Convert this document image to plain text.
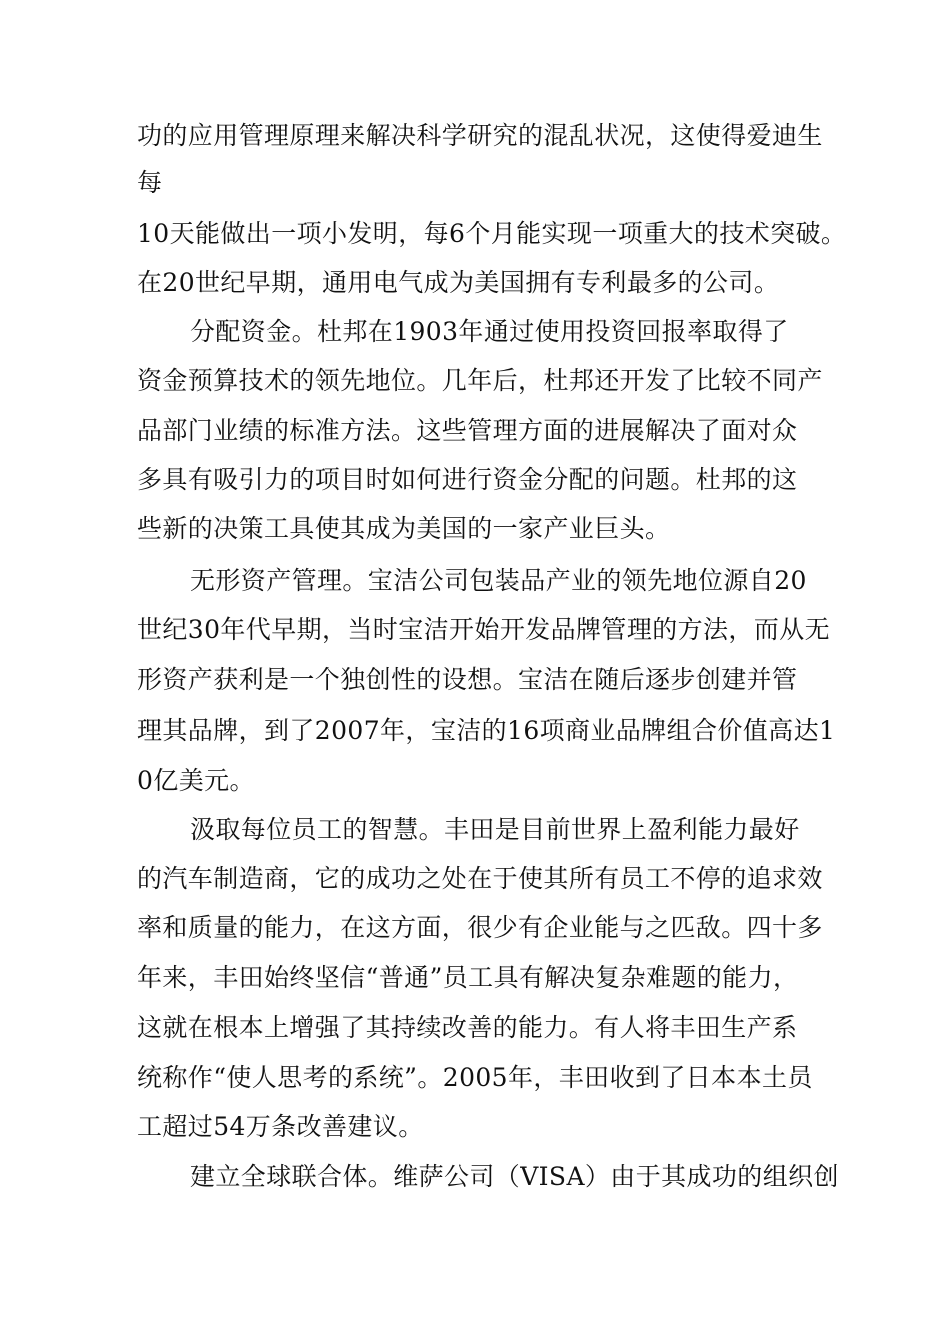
功的应用管理原理来解决科学研究的混乱状况，这使得爱迪生
每
10天能做出一项小发明，每6个月能实现一项重大的技术突破。
在20世纪早期，通用电气成为美国拥有专利最多的公司。
分配资金。杜邦在1903年通过使用投资回报率取得了
资金预算技术的领先地位。几年后，杜邦还开发了比较不同产
品部门业绩的标准方法。这些管理方面的进展解决了面对众
多具有吸引力的项目时如何进行资金分配的问题。杜邦的这
些新的决策工具使其成为美国的一家产业巨头。
无形资产管理。宝洁公司包装品产业的领先地位源自20
世纪30年代早期，当时宝洁开始开发品牌管理的方法，而从无
形资产获利是一个独创性的设想。宝洁在随后逐步创建并管
理其品牌，到了2007年，宝洁的16项商业品牌组合价值高达1
0亿美元。
汲取每位员工的智慧。丰田是目前世界上盈利能力最好
的汽车制造商，它的成功之处在于使其所有员工不停的追求效
率和质量的能力，在这方面，很少有企业能与之匹敌。四十多
年来，丰田始终坚信“普通”员工具有解决复杂难题的能力，
这就在根本上增强了其持续改善的能力。有人将丰田生产系
统称作“使人思考的系统”。2005年，丰田收到了日本本土员
工超过54万条改善建议。
建立全球联合体。维萨公司（VISA）由于其成功的组织创
